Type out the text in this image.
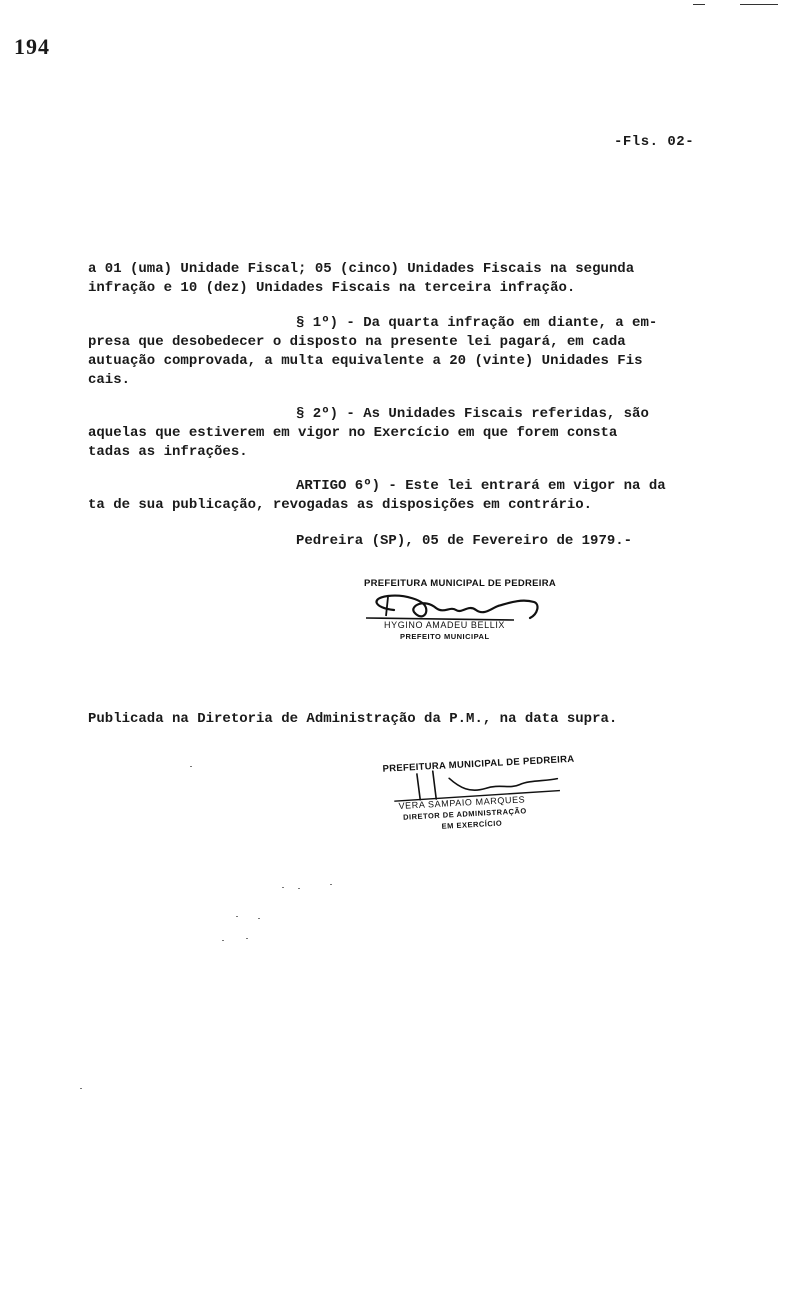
194
-Fls. 02-
a 01 (uma) Unidade Fiscal; 05 (cinco) Unidades Fiscais na segunda
infração e 10 (dez) Unidades Fiscais na terceira infração.
§ 1º) - Da quarta infração em diante, a em-
presa que desobedecer o disposto na presente lei pagará, em cada
autuação comprovada, a multa equivalente a 20 (vinte) Unidades Fis
cais.
§ 2º) - As Unidades Fiscais referidas, são
aquelas que estiverem em vigor no Exercício em que forem consta
tadas as infrações.
ARTIGO 6º) - Este lei entrará em vigor na da
ta de sua publicação, revogadas as disposições em contrário.
Pedreira (SP), 05 de Fevereiro de 1979.-
PREFEITURA MUNICIPAL DE PEDREIRA
HYGINO AMADEU BELLIX
PREFEITO MUNICIPAL
Publicada na Diretoria de Administração da P.M., na data supra.
PREFEITURA MUNICIPAL DE PEDREIRA
VERA SAMPAIO MARQUES
DIRETOR DE ADMINISTRAÇÃO
EM EXERCÍCIO
